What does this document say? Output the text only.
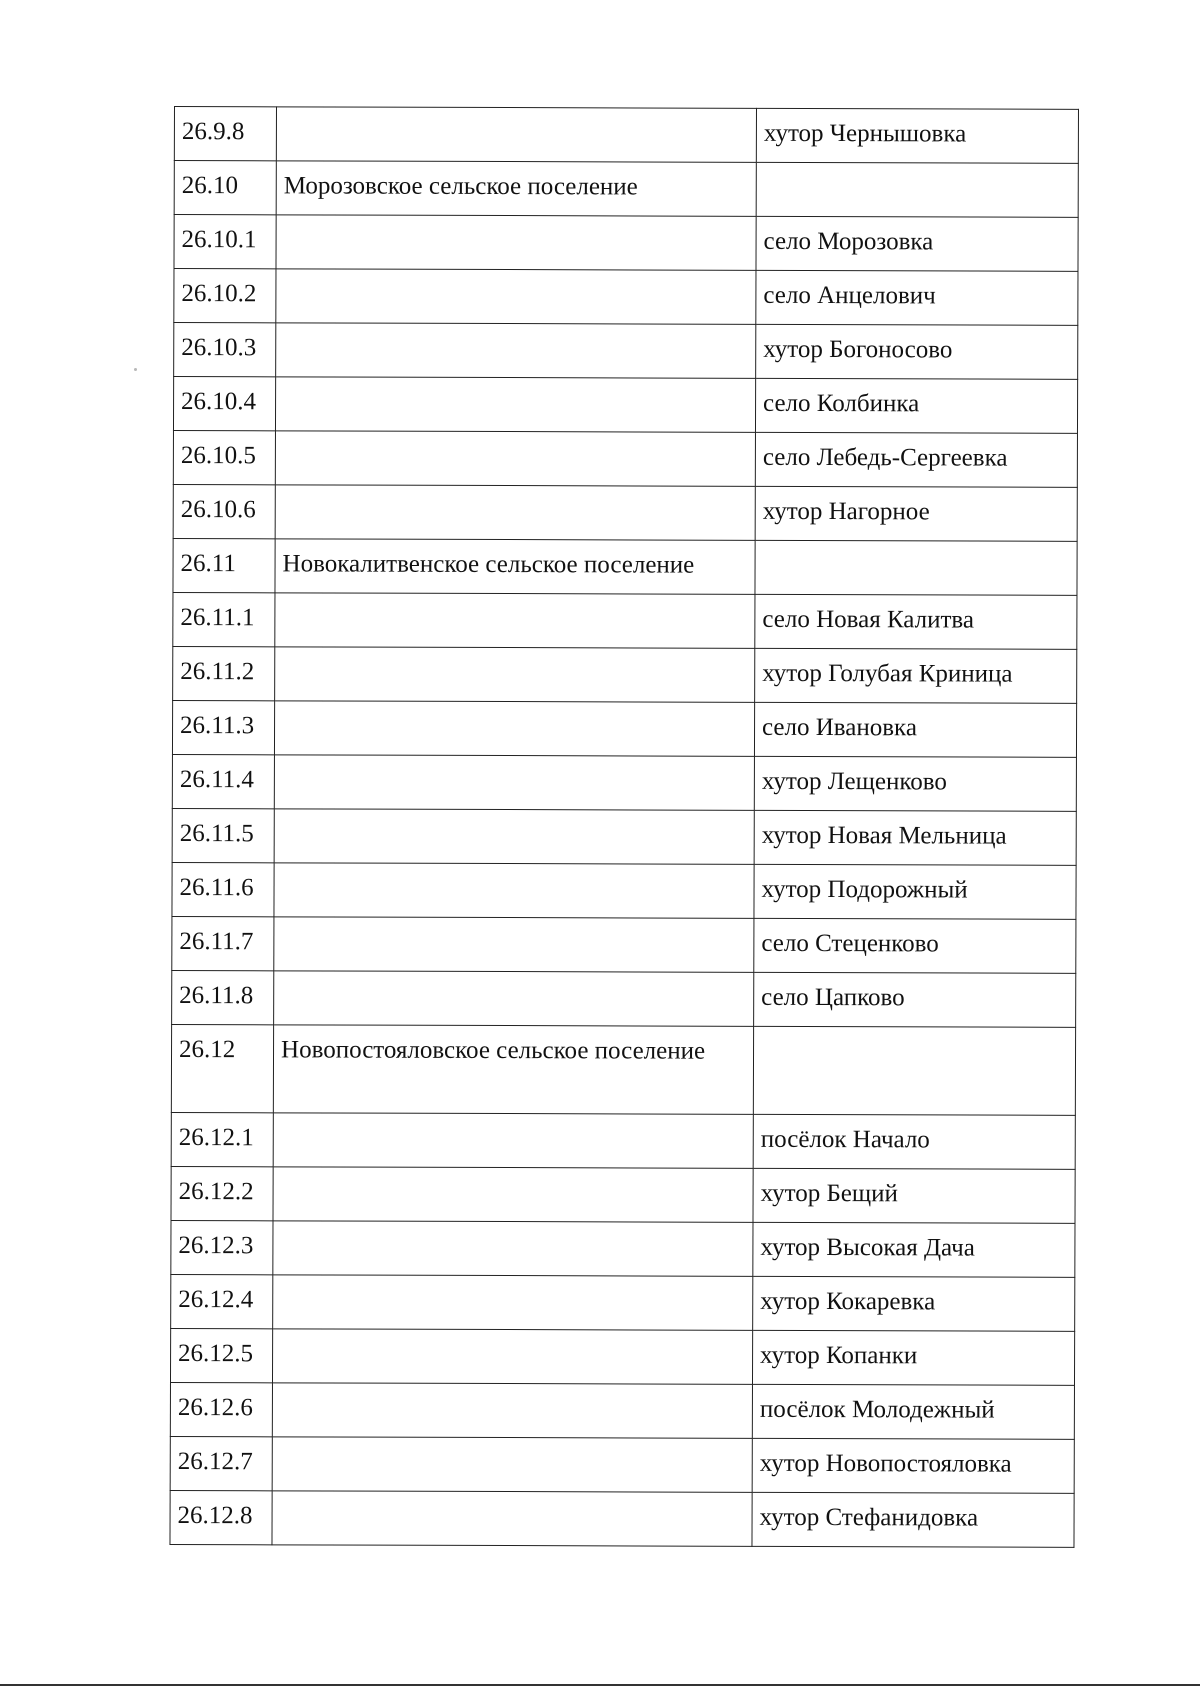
26.9.8		хутор Чернышовка
26.10	Морозовское сельское поселение	
26.10.1		село Морозовка
26.10.2		село Анцелович
26.10.3		хутор Богоносово
26.10.4		село Колбинка
26.10.5		село Лебедь-Сергеевка
26.10.6		хутор Нагорное
26.11	Новокалитвенское сельское поселение	
26.11.1		село Новая Калитва
26.11.2		хутор Голубая Криница
26.11.3		село Ивановка
26.11.4		хутор Лещенково
26.11.5		хутор Новая Мельница
26.11.6		хутор Подорожный
26.11.7		село Стеценково
26.11.8		село Цапково
26.12	Новопостояловское сельское поселение	
26.12.1		посёлок Начало
26.12.2		хутор Бещий
26.12.3		хутор Высокая Дача
26.12.4		хутор Кокаревка
26.12.5		хутор Копанки
26.12.6		посёлок Молодежный
26.12.7		хутор Новопостояловка
26.12.8		хутор Стефанидовка
